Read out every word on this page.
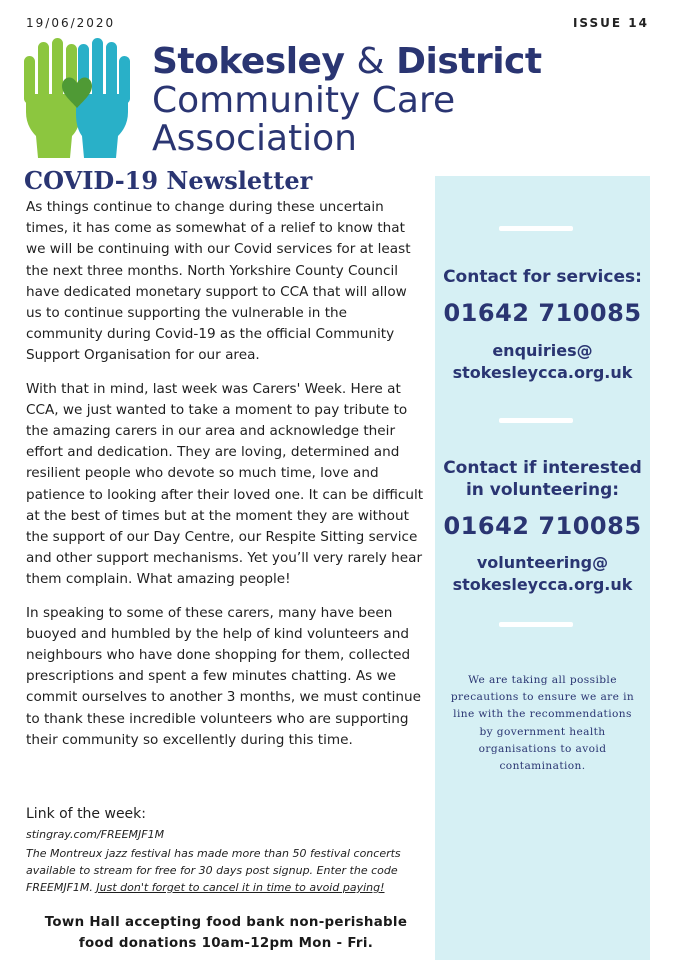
19/06/2020	ISSUE 14
Stokesley & District
Community Care
Association
COVID-19 Newsletter

As things continue to change during these uncertain times, it has come as somewhat of a relief to know that we will be continuing with our Covid services for at least the next three months. North Yorkshire County Council have dedicated monetary support to CCA that will allow us to continue supporting the vulnerable in the community during Covid-19 as the official Community Support Organisation for our area.

With that in mind, last week was Carers' Week. Here at CCA, we just wanted to take a moment to pay tribute to the amazing carers in our area and acknowledge their effort and dedication. They are loving, determined and resilient people who devote so much time, love and patience to looking after their loved one. It can be difficult at the best of times but at the moment they are without the support of our Day Centre, our Respite Sitting service and other support mechanisms. Yet you’ll very rarely hear them complain. What amazing people!

In speaking to some of these carers, many have been buoyed and humbled by the help of kind volunteers and neighbours who have done shopping for them, collected prescriptions and spent a few minutes chatting. As we commit ourselves to another 3 months, we must continue to thank these incredible volunteers who are supporting their community so excellently during this time.

Link of the week:
stingray.com/FREEMJF1M
The Montreux jazz festival has made more than 50 festival concerts available to stream for free for 30 days post signup. Enter the code FREEMJF1M. Just don't forget to cancel it in time to avoid paying!
Town Hall accepting food bank non-perishable
food donations 10am-12pm Mon - Fri.
Contact for services:
01642 710085
enquiries@
stokesleycca.org.uk
Contact if interested
in volunteering:
01642 710085
volunteering@
stokesleycca.org.uk
We are taking all possible precautions to ensure we are in line with the recommendations by government health organisations to avoid contamination.
